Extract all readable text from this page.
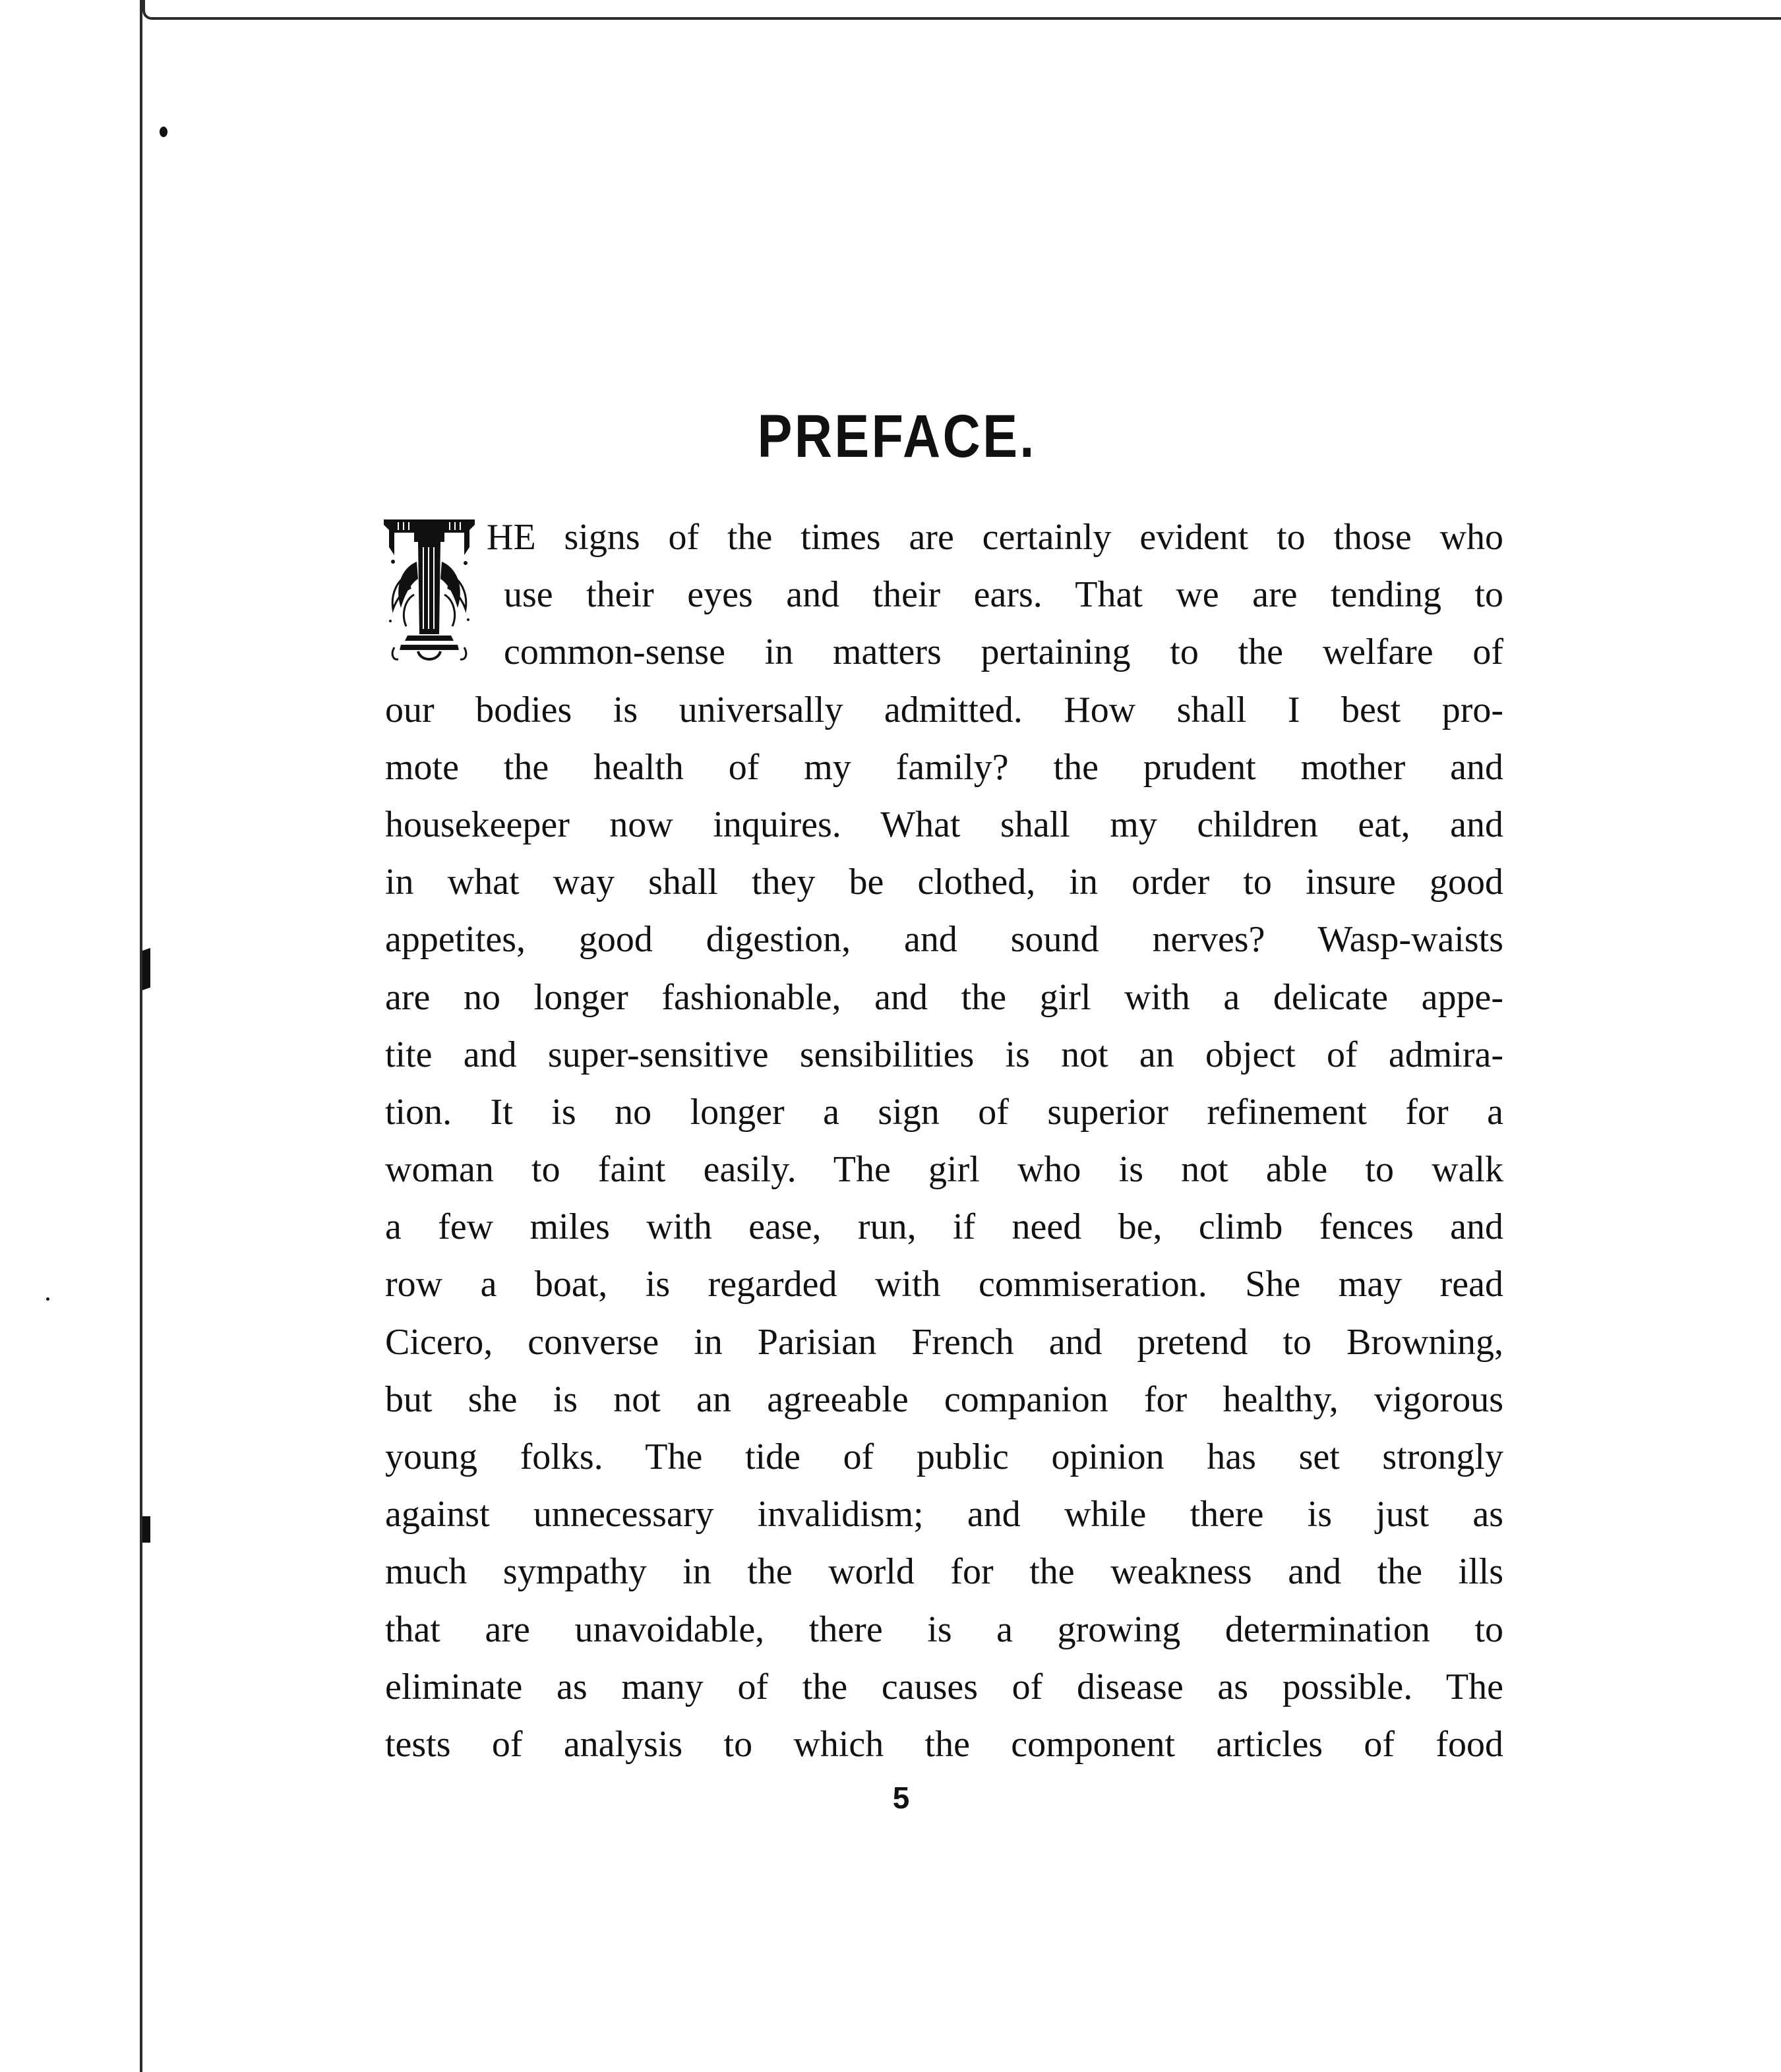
PREFACE.
HE signs of the times are certainly evident to those who
use their eyes and their ears. That we are tending to
common-sense in matters pertaining to the welfare of
our bodies is universally admitted. How shall I best pro-
mote the health of my family? the prudent mother and
housekeeper now inquires. What shall my children eat, and
in what way shall they be clothed, in order to insure good
appetites, good digestion, and sound nerves? Wasp-waists
are no longer fashionable, and the girl with a delicate appe-
tite and super-sensitive sensibilities is not an object of admira-
tion. It is no longer a sign of superior refinement for a
woman to faint easily. The girl who is not able to walk
a few miles with ease, run, if need be, climb fences and
row a boat, is regarded with commiseration. She may read
Cicero, converse in Parisian French and pretend to Browning,
but she is not an agreeable companion for healthy, vigorous
young folks. The tide of public opinion has set strongly
against unnecessary invalidism; and while there is just as
much sympathy in the world for the weakness and the ills
that are unavoidable, there is a growing determination to
eliminate as many of the causes of disease as possible. The
tests of analysis to which the component articles of food
5
